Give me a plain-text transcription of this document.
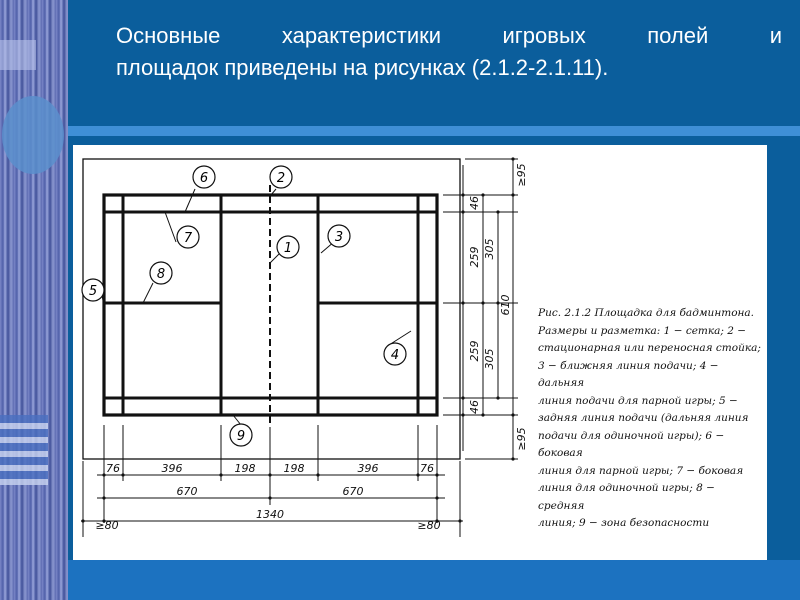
Основные характеристики игровых полей и
площадок приведены на рисунках (2.1.2-2.1.11).
1
2
3
4
5
6
7
8
9
76	396	198	198	396	76
670	670
1340
≥80	≥80
46
259
259
46
305
305
610
≥95
≥95
Рис. 2.1.2 Площадка для бадминтона.
Размеры и разметка: 1 − сетка; 2 −
стационарная или переносная стойка;
3 − ближняя линия подачи; 4 − дальняя
линия подачи для парной игры; 5 −
задняя линия подачи (дальняя линия
подачи для одиночной игры); 6 − боковая
линия для парной игры; 7 − боковая
линия для одиночной игры; 8 − средняя
линия; 9 − зона безопасности
